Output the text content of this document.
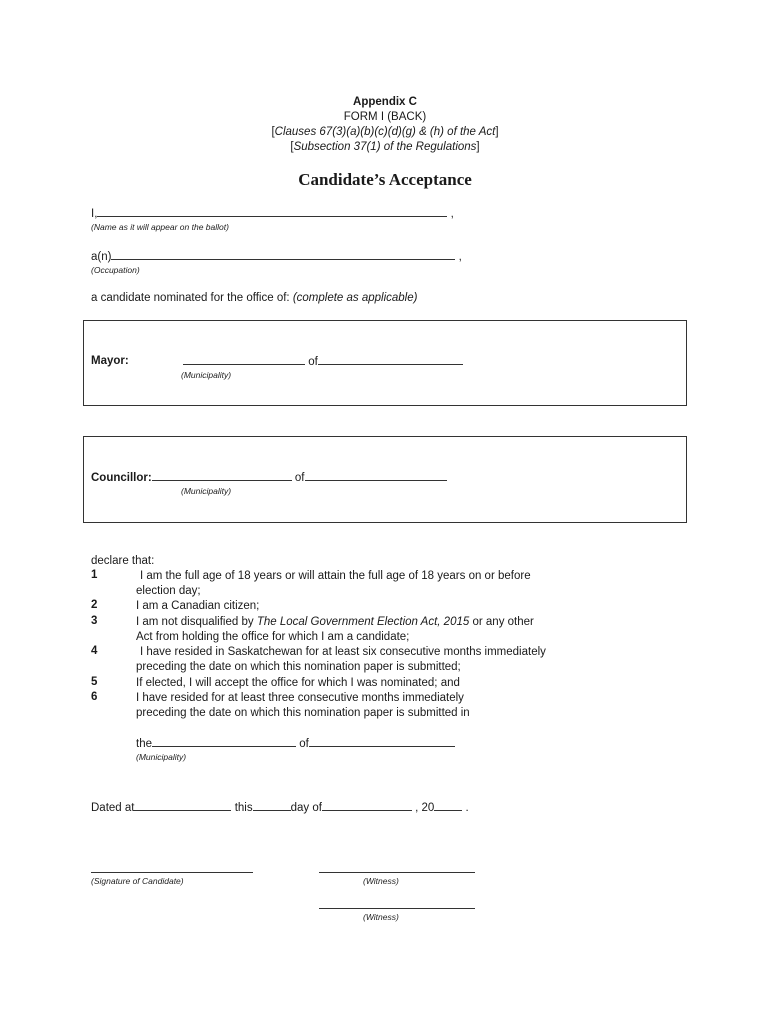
Appendix C
FORM I (BACK)
[Clauses 67(3)(a)(b)(c)(d)(g) & (h) of the Act]
[Subsection 37(1) of the Regulations]
Candidate’s Acceptance
I,	,
(Name as it will appear on the ballot)
a(n)	,
(Occupation)
a candidate nominated for the office of: (complete as applicable)
Mayor:	of
(Municipality)
Councillor:	of
(Municipality)
declare that:
1	I am the full age of 18 years or will attain the full age of 18 years on or before
election day;
2	I am a Canadian citizen;
3	I am not disqualified by The Local Government Election Act, 2015 or any other
Act from holding the office for which I am a candidate;
4	I have resided in Saskatchewan for at least six consecutive months immediately
preceding the date on which this nomination paper is submitted;
5	If elected, I will accept the office for which I was nominated; and
6	I have resided for at least three consecutive months immediately
preceding the date on which this nomination paper is submitted in
the	of
(Municipality)
Dated at	this	day of	, 20	.
(Signature of Candidate)	(Witness)
(Witness)
